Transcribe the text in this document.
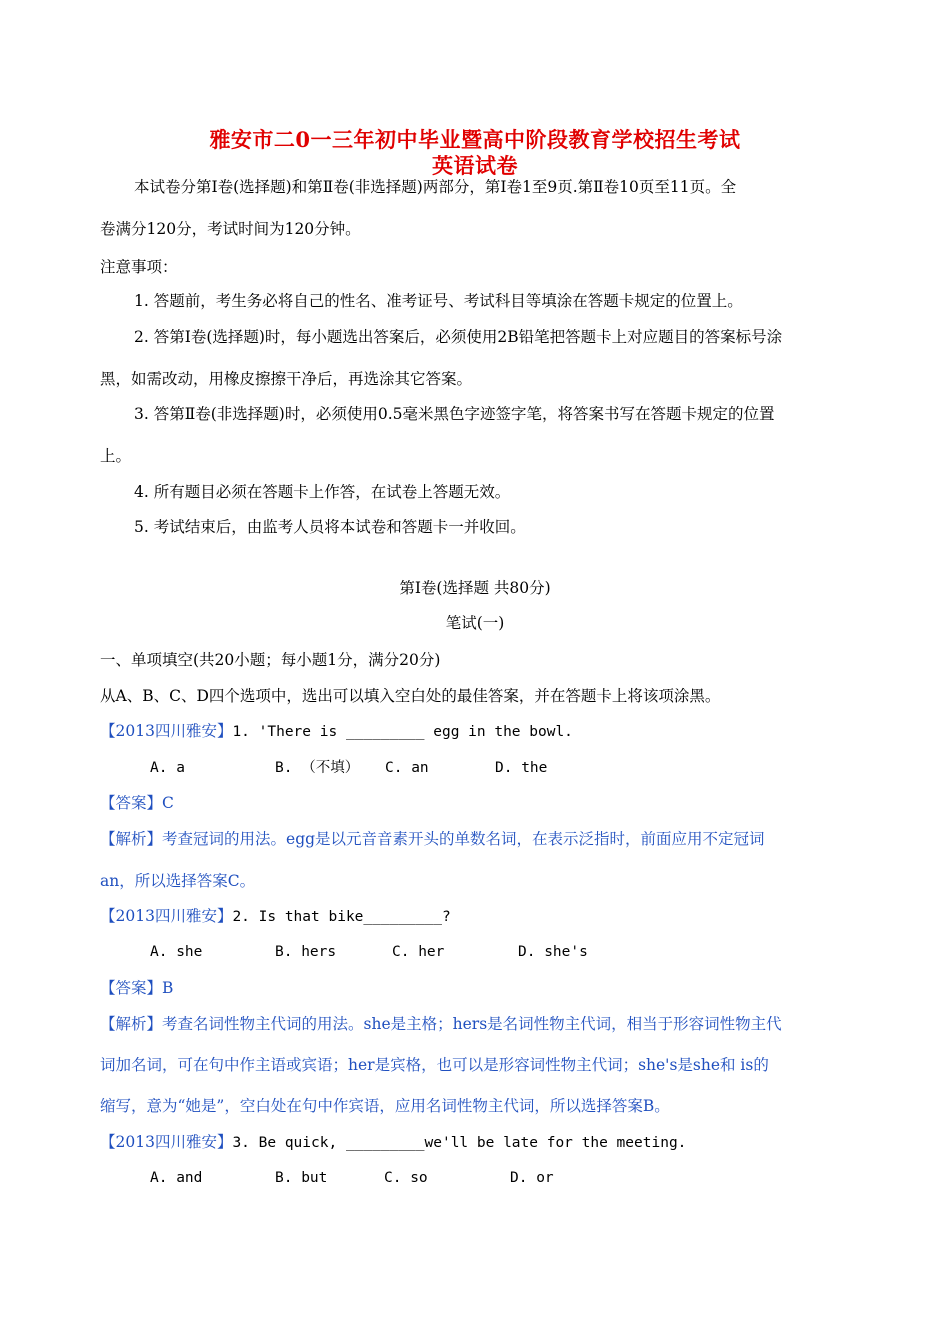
雅安市二0一三年初中毕业暨高中阶段教育学校招生考试
英语试卷
本试卷分第Ⅰ卷(选择题)和第Ⅱ卷(非选择题)两部分，第Ⅰ卷1至9页.第Ⅱ卷10页至11页。全
卷满分120分，考试时间为120分钟。
注意事项：
1. 答题前，考生务必将自己的性名、准考证号、考试科目等填涂在答题卡规定的位置上。
2. 答第Ⅰ卷(选择题)时，每小题选出答案后，必须使用2B铅笔把答题卡上对应题目的答案标号涂
黑，如需改动，用橡皮擦擦干净后，再选涂其它答案。
3. 答第Ⅱ卷(非选择题)时，必须使用0.5毫米黑色字迹签字笔，将答案书写在答题卡规定的位置
上。
4. 所有题目必须在答题卡上作答，在试卷上答题无效。
5. 考试结束后，由监考人员将本试卷和答题卡一并收回。
第Ⅰ卷(选择题 共80分)
笔试(一)
一、单项填空(共20小题；每小题1分，满分20分)
从A、B、C、D四个选项中，选出可以填入空白处的最佳答案，并在答题卡上将该项涂黑。
【2013四川雅安】1. 'There is _________ egg in the bowl.
A. a	B. （不填） C. an	D. the
【答案】C
【解析】考查冠词的用法。egg是以元音音素开头的单数名词，在表示泛指时，前面应用不定冠词
an，所以选择答案C。
【2013四川雅安】2. Is that bike_________?
A. she	B. hers	C. her	D. she's
【答案】B
【解析】考查名词性物主代词的用法。she是主格；hers是名词性物主代词，相当于形容词性物主代
词加名词，可在句中作主语或宾语；her是宾格，也可以是形容词性物主代词；she's是she和 is的
缩写，意为“她是”，空白处在句中作宾语，应用名词性物主代词，所以选择答案B。
【2013四川雅安】3. Be quick, _________we'll be late for the meeting.
A. and	B. but	C. so	D. or
